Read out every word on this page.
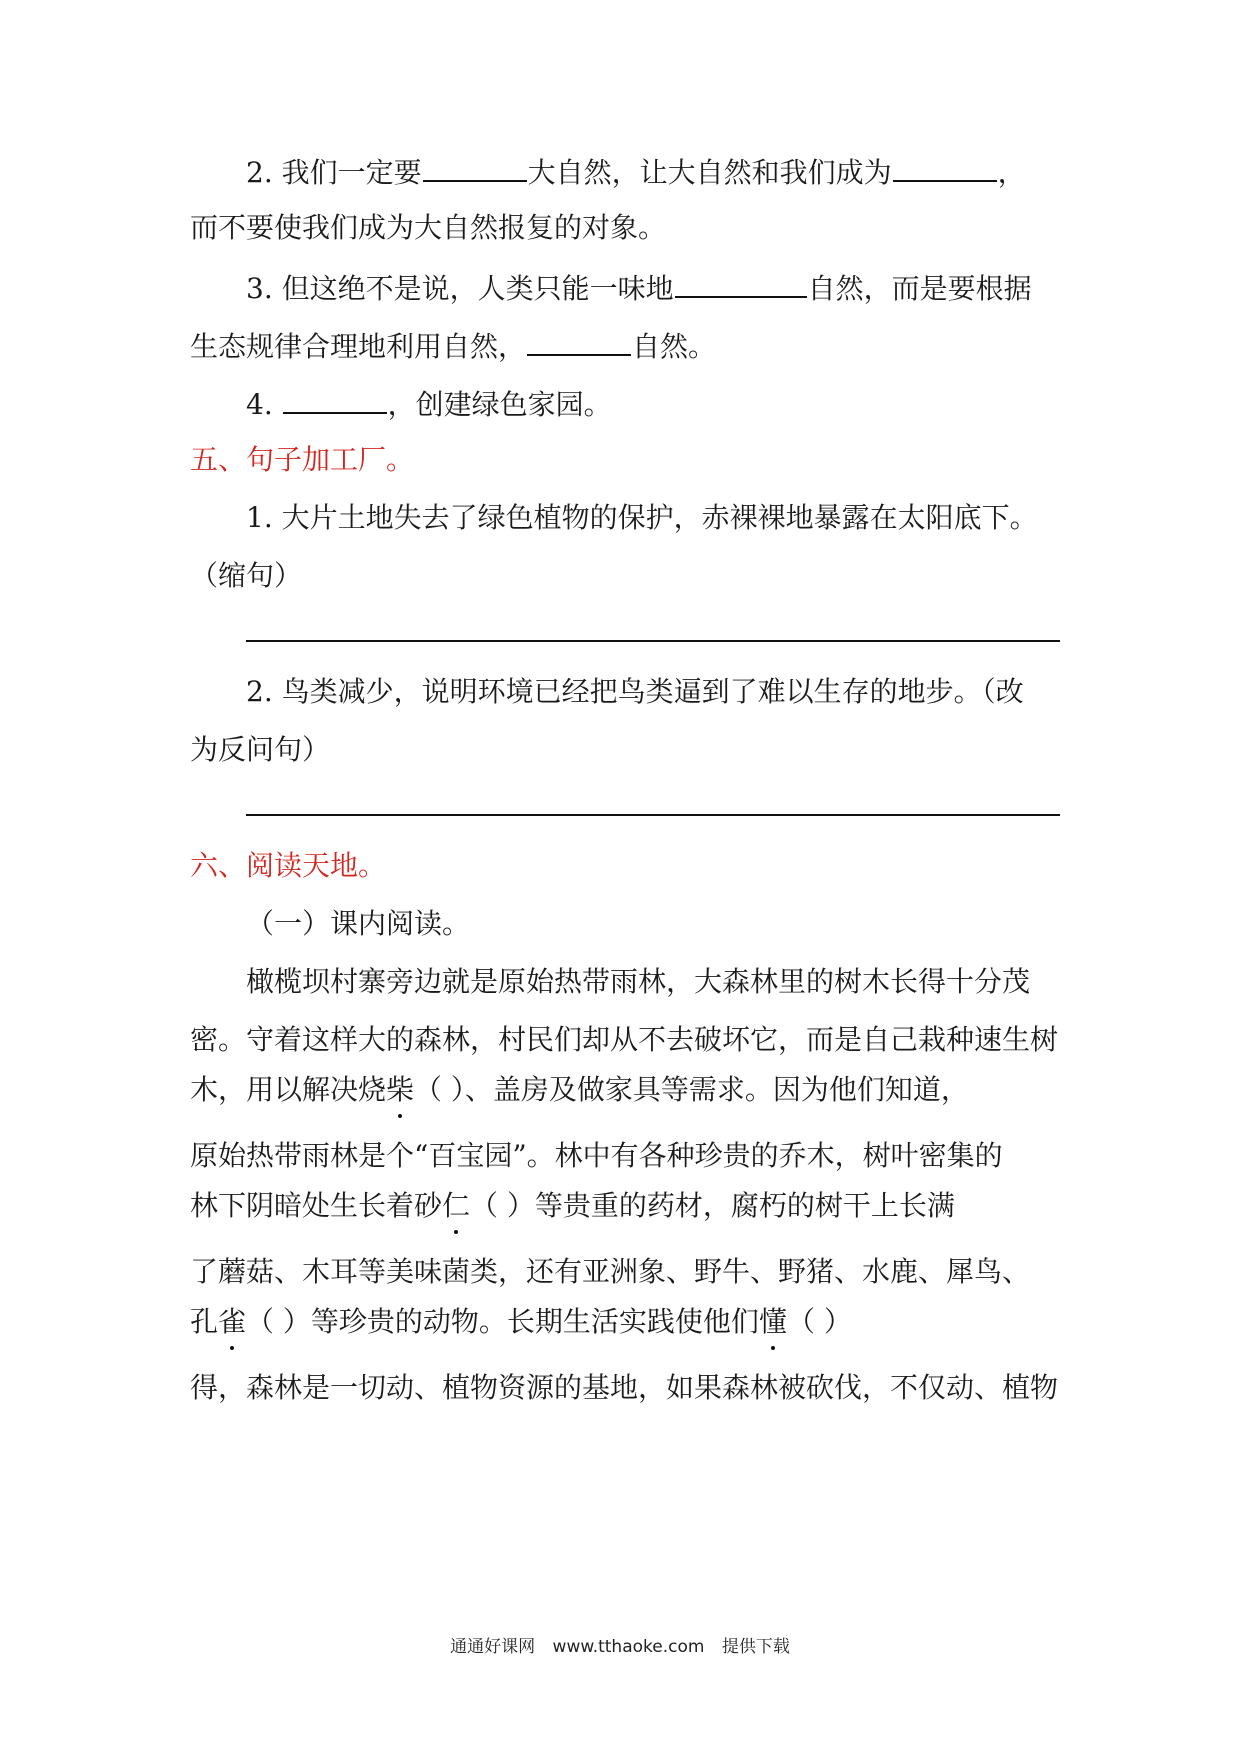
2. 我们一定要	大自然，让大自然和我们成为	，
而不要使我们成为大自然报复的对象。
3. 但这绝不是说，人类只能一味地	自然，而是要根据
生态规律合理地利用自然，	自然。
4.	，创建绿色家园。
五、句子加工厂。
1. 大片土地失去了绿色植物的保护，赤裸裸地暴露在太阳底下。
（缩句）
2. 鸟类减少，说明环境已经把鸟类逼到了难以生存的地步。（改
为反问句）
六、阅读天地。
（一）课内阅读。
橄榄坝村寨旁边就是原始热带雨林，大森林里的树木长得十分茂
密。守着这样大的森林，村民们却从不去破坏它，而是自己栽种速生树
木，用以解决烧柴（ ）、盖房及做家具等需求。因为他们知道，
原始热带雨林是个“百宝园”。林中有各种珍贵的乔木，树叶密集的
林下阴暗处生长着砂仁（ ）等贵重的药材，腐朽的树干上长满
了蘑菇、木耳等美味菌类，还有亚洲象、野牛、野猪、水鹿、犀鸟、
孔雀（ ）等珍贵的动物。长期生活实践使他们懂（ ）
得，森林是一切动、植物资源的基地，如果森林被砍伐，不仅动、植物
通通好课网 www.tthaoke.com 提供下载
